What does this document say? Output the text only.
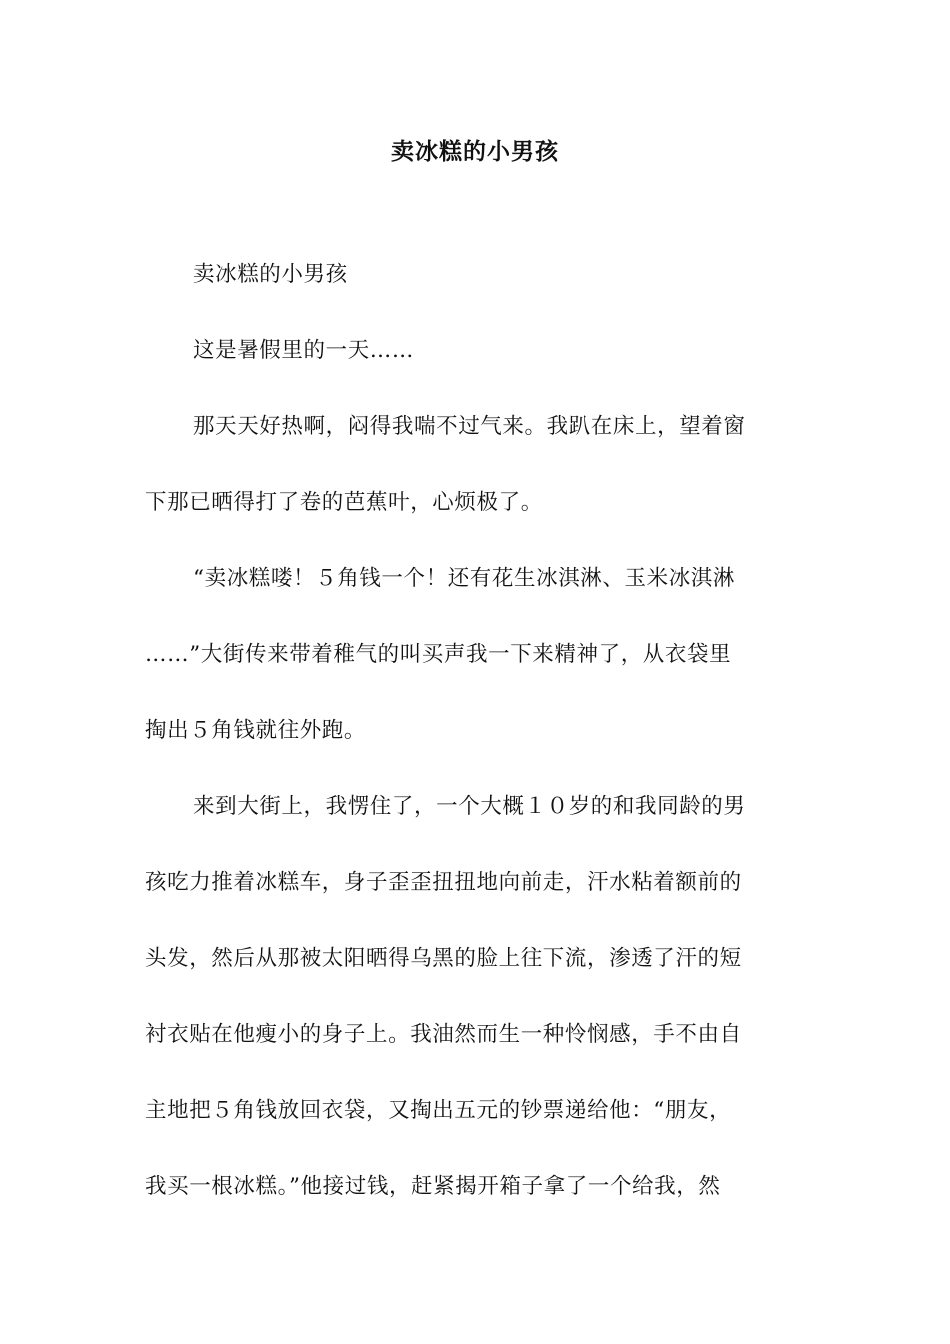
卖冰糕的小男孩
卖冰糕的小男孩
这是暑假里的一天……
那天天好热啊，闷得我喘不过气来。我趴在床上，望着窗
下那已晒得打了卷的芭蕉叶，心烦极了。
“卖冰糕喽！５角钱一个！还有花生冰淇淋、玉米冰淇淋
……”大街传来带着稚气的叫买声我一下来精神了，从衣袋里
掏出５角钱就往外跑。
来到大街上，我愣住了，一个大概１０岁的和我同龄的男
孩吃力推着冰糕车，身子歪歪扭扭地向前走，汗水粘着额前的
头发，然后从那被太阳晒得乌黑的脸上往下流，渗透了汗的短
衬衣贴在他瘦小的身子上。我油然而生一种怜悯感，手不由自
主地把５角钱放回衣袋，又掏出五元的钞票递给他：“朋友，
我买一根冰糕。”他接过钱，赶紧揭开箱子拿了一个给我，然
